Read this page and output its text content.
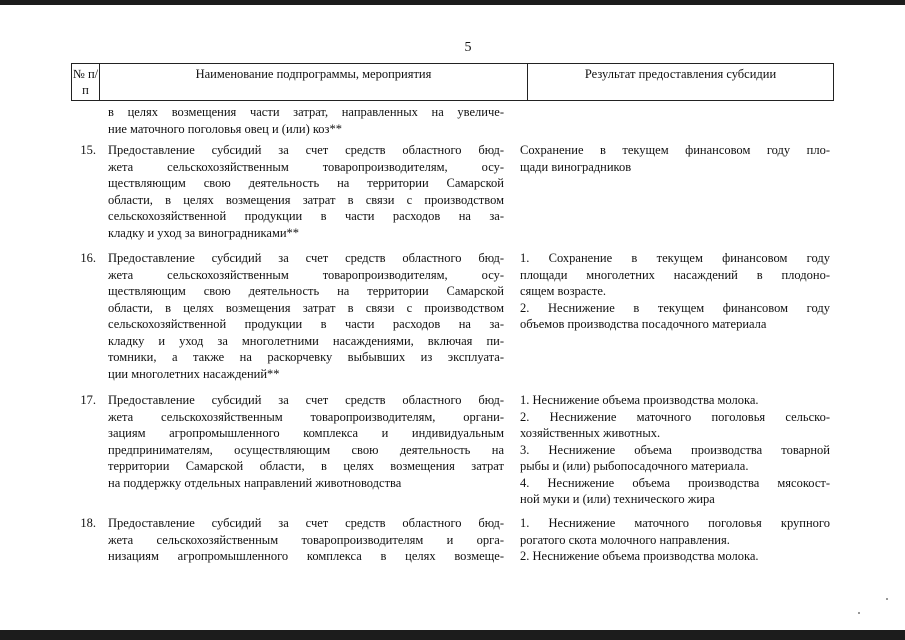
5
№ п/п
Наименование подпрограммы, мероприятия	Результат предоставления субсидии
в целях возмещения части затрат, направленных на увеличе-
ние маточного поголовья овец и (или) коз**
15. Предоставление субсидий за счет средств областного бюд-
жета сельскохозяйственным товаропроизводителям, осу-
ществляющим свою деятельность на территории Самарской
области, в целях возмещения затрат в связи с производством
сельскохозяйственной продукции в части расходов на за-
кладку и уход за виноградниками**
Сохранение в текущем финансовом году пло-
щади виноградников
16. Предоставление субсидий за счет средств областного бюд-
жета сельскохозяйственным товаропроизводителям, осу-
ществляющим свою деятельность на территории Самарской
области, в целях возмещения затрат в связи с производством
сельскохозяйственной продукции в части расходов на за-
кладку и уход за многолетними насаждениями, включая пи-
томники, а также на раскорчевку выбывших из эксплуата-
ции многолетних насаждений**
1. Сохранение в текущем финансовом году
площади многолетних насаждений в плодоно-
сящем возрасте.
2. Неснижение в текущем финансовом году
объемов производства посадочного материала
17. Предоставление субсидий за счет средств областного бюд-
жета сельскохозяйственным товаропроизводителям, органи-
зациям агропромышленного комплекса и индивидуальным
предпринимателям, осуществляющим свою деятельность на
территории Самарской области, в целях возмещения затрат
на поддержку отдельных направлений животноводства
1. Неснижение объема производства молока.
2. Неснижение маточного поголовья сельско-
хозяйственных животных.
3. Неснижение объема производства товарной
рыбы и (или) рыбопосадочного материала.
4. Неснижение объема производства мясокост-
ной муки и (или) технического жира
18. Предоставление субсидий за счет средств областного бюд-
жета сельскохозяйственным товаропроизводителям и орга-
низациям агропромышленного комплекса в целях возмеще-
1. Неснижение маточного поголовья крупного
рогатого скота молочного направления.
2. Неснижение объема производства молока.
